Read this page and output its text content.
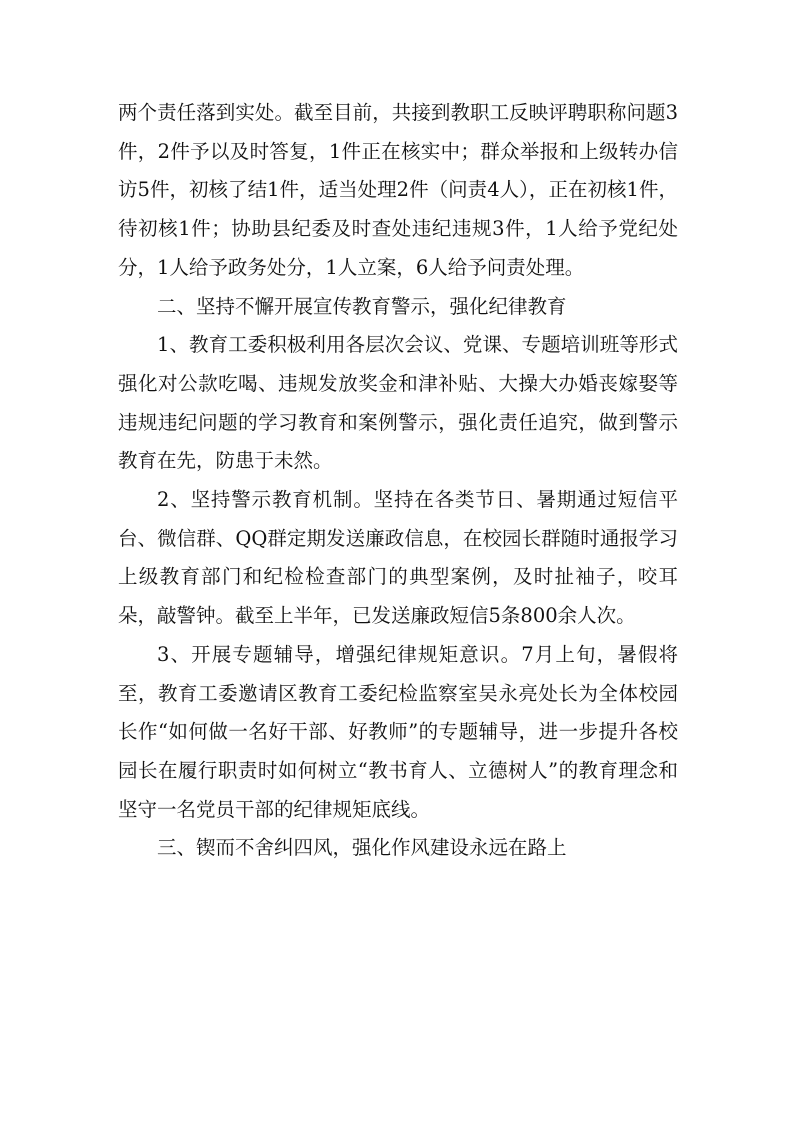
两个责任落到实处。截至目前，共接到教职工反映评聘职称问题3件，2件予以及时答复，1件正在核实中；群众举报和上级转办信访5件，初核了结1件，适当处理2件（问责4人），正在初核1件，待初核1件；协助县纪委及时查处违纪违规3件，1人给予党纪处分，1人给予政务处分，1人立案，6人给予问责处理。

二、坚持不懈开展宣传教育警示，强化纪律教育

1、教育工委积极利用各层次会议、党课、专题培训班等形式强化对公款吃喝、违规发放奖金和津补贴、大操大办婚丧嫁娶等违规违纪问题的学习教育和案例警示，强化责任追究，做到警示教育在先，防患于未然。

2、坚持警示教育机制。坚持在各类节日、暑期通过短信平台、微信群、QQ群定期发送廉政信息，在校园长群随时通报学习上级教育部门和纪检检查部门的典型案例，及时扯袖子，咬耳朵，敲警钟。截至上半年，已发送廉政短信5条800余人次。

3、开展专题辅导，增强纪律规矩意识。7月上旬，暑假将至，教育工委邀请区教育工委纪检监察室吴永亮处长为全体校园长作“如何做一名好干部、好教师”的专题辅导，进一步提升各校园长在履行职责时如何树立“教书育人、立德树人”的教育理念和坚守一名党员干部的纪律规矩底线。

三、锲而不舍纠四风，强化作风建设永远在路上
